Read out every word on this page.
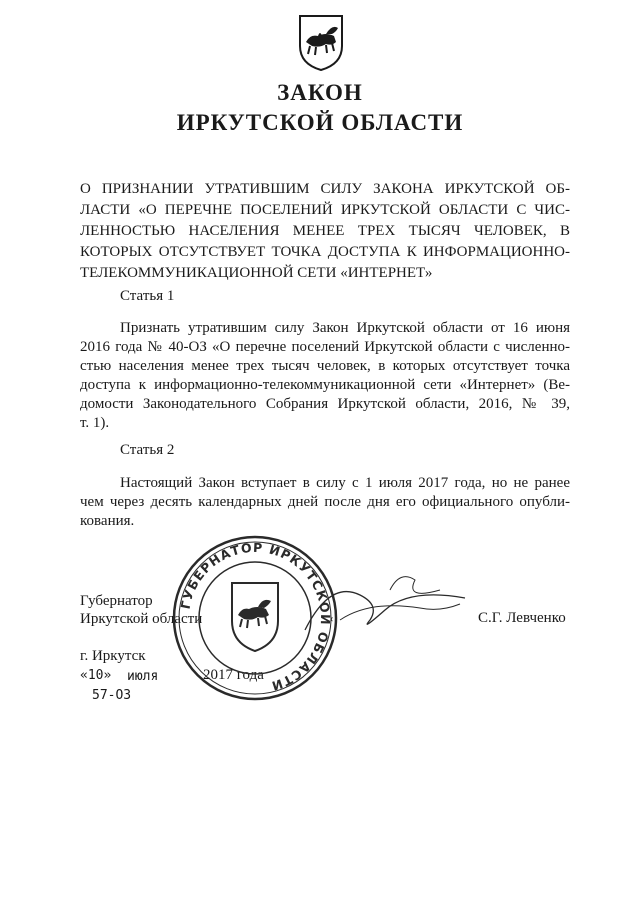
ЗАКОН
ИРКУТСКОЙ ОБЛАСТИ
О ПРИЗНАНИИ УТРАТИВШИМ СИЛУ ЗАКОНА ИРКУТСКОЙ ОБ-
ЛАСТИ «О ПЕРЕЧНЕ ПОСЕЛЕНИЙ ИРКУТСКОЙ ОБЛАСТИ С ЧИС-
ЛЕННОСТЬЮ НАСЕЛЕНИЯ МЕНЕЕ ТРЕХ ТЫСЯЧ ЧЕЛОВЕК, В
КОТОРЫХ ОТСУТСТВУЕТ ТОЧКА ДОСТУПА К ИНФОРМАЦИОННО-
ТЕЛЕКОММУНИКАЦИОННОЙ СЕТИ «ИНТЕРНЕТ»
Статья 1
Признать утратившим силу Закон Иркутской области от 16 июня
2016 года № 40-ОЗ «О перечне поселений Иркутской области с численно-
стью населения менее трех тысяч человек, в которых отсутствует точка
доступа к информационно-телекоммуникационной сети «Интернет» (Ве-
домости Законодательного Собрания Иркутской области, 2016, № 39,
т. 1).
Статья 2
Настоящий Закон вступает в силу с 1 июля 2017 года, но не ранее
чем через десять календарных дней после дня его официального опубли-
кования.
Губернатор
Иркутской области	С.Г. Левченко
г. Иркутск
«10» июля	2017 года
57-ОЗ
ГУБЕРНАТОР ИРКУТСКОЙ ОБЛАСТИ
